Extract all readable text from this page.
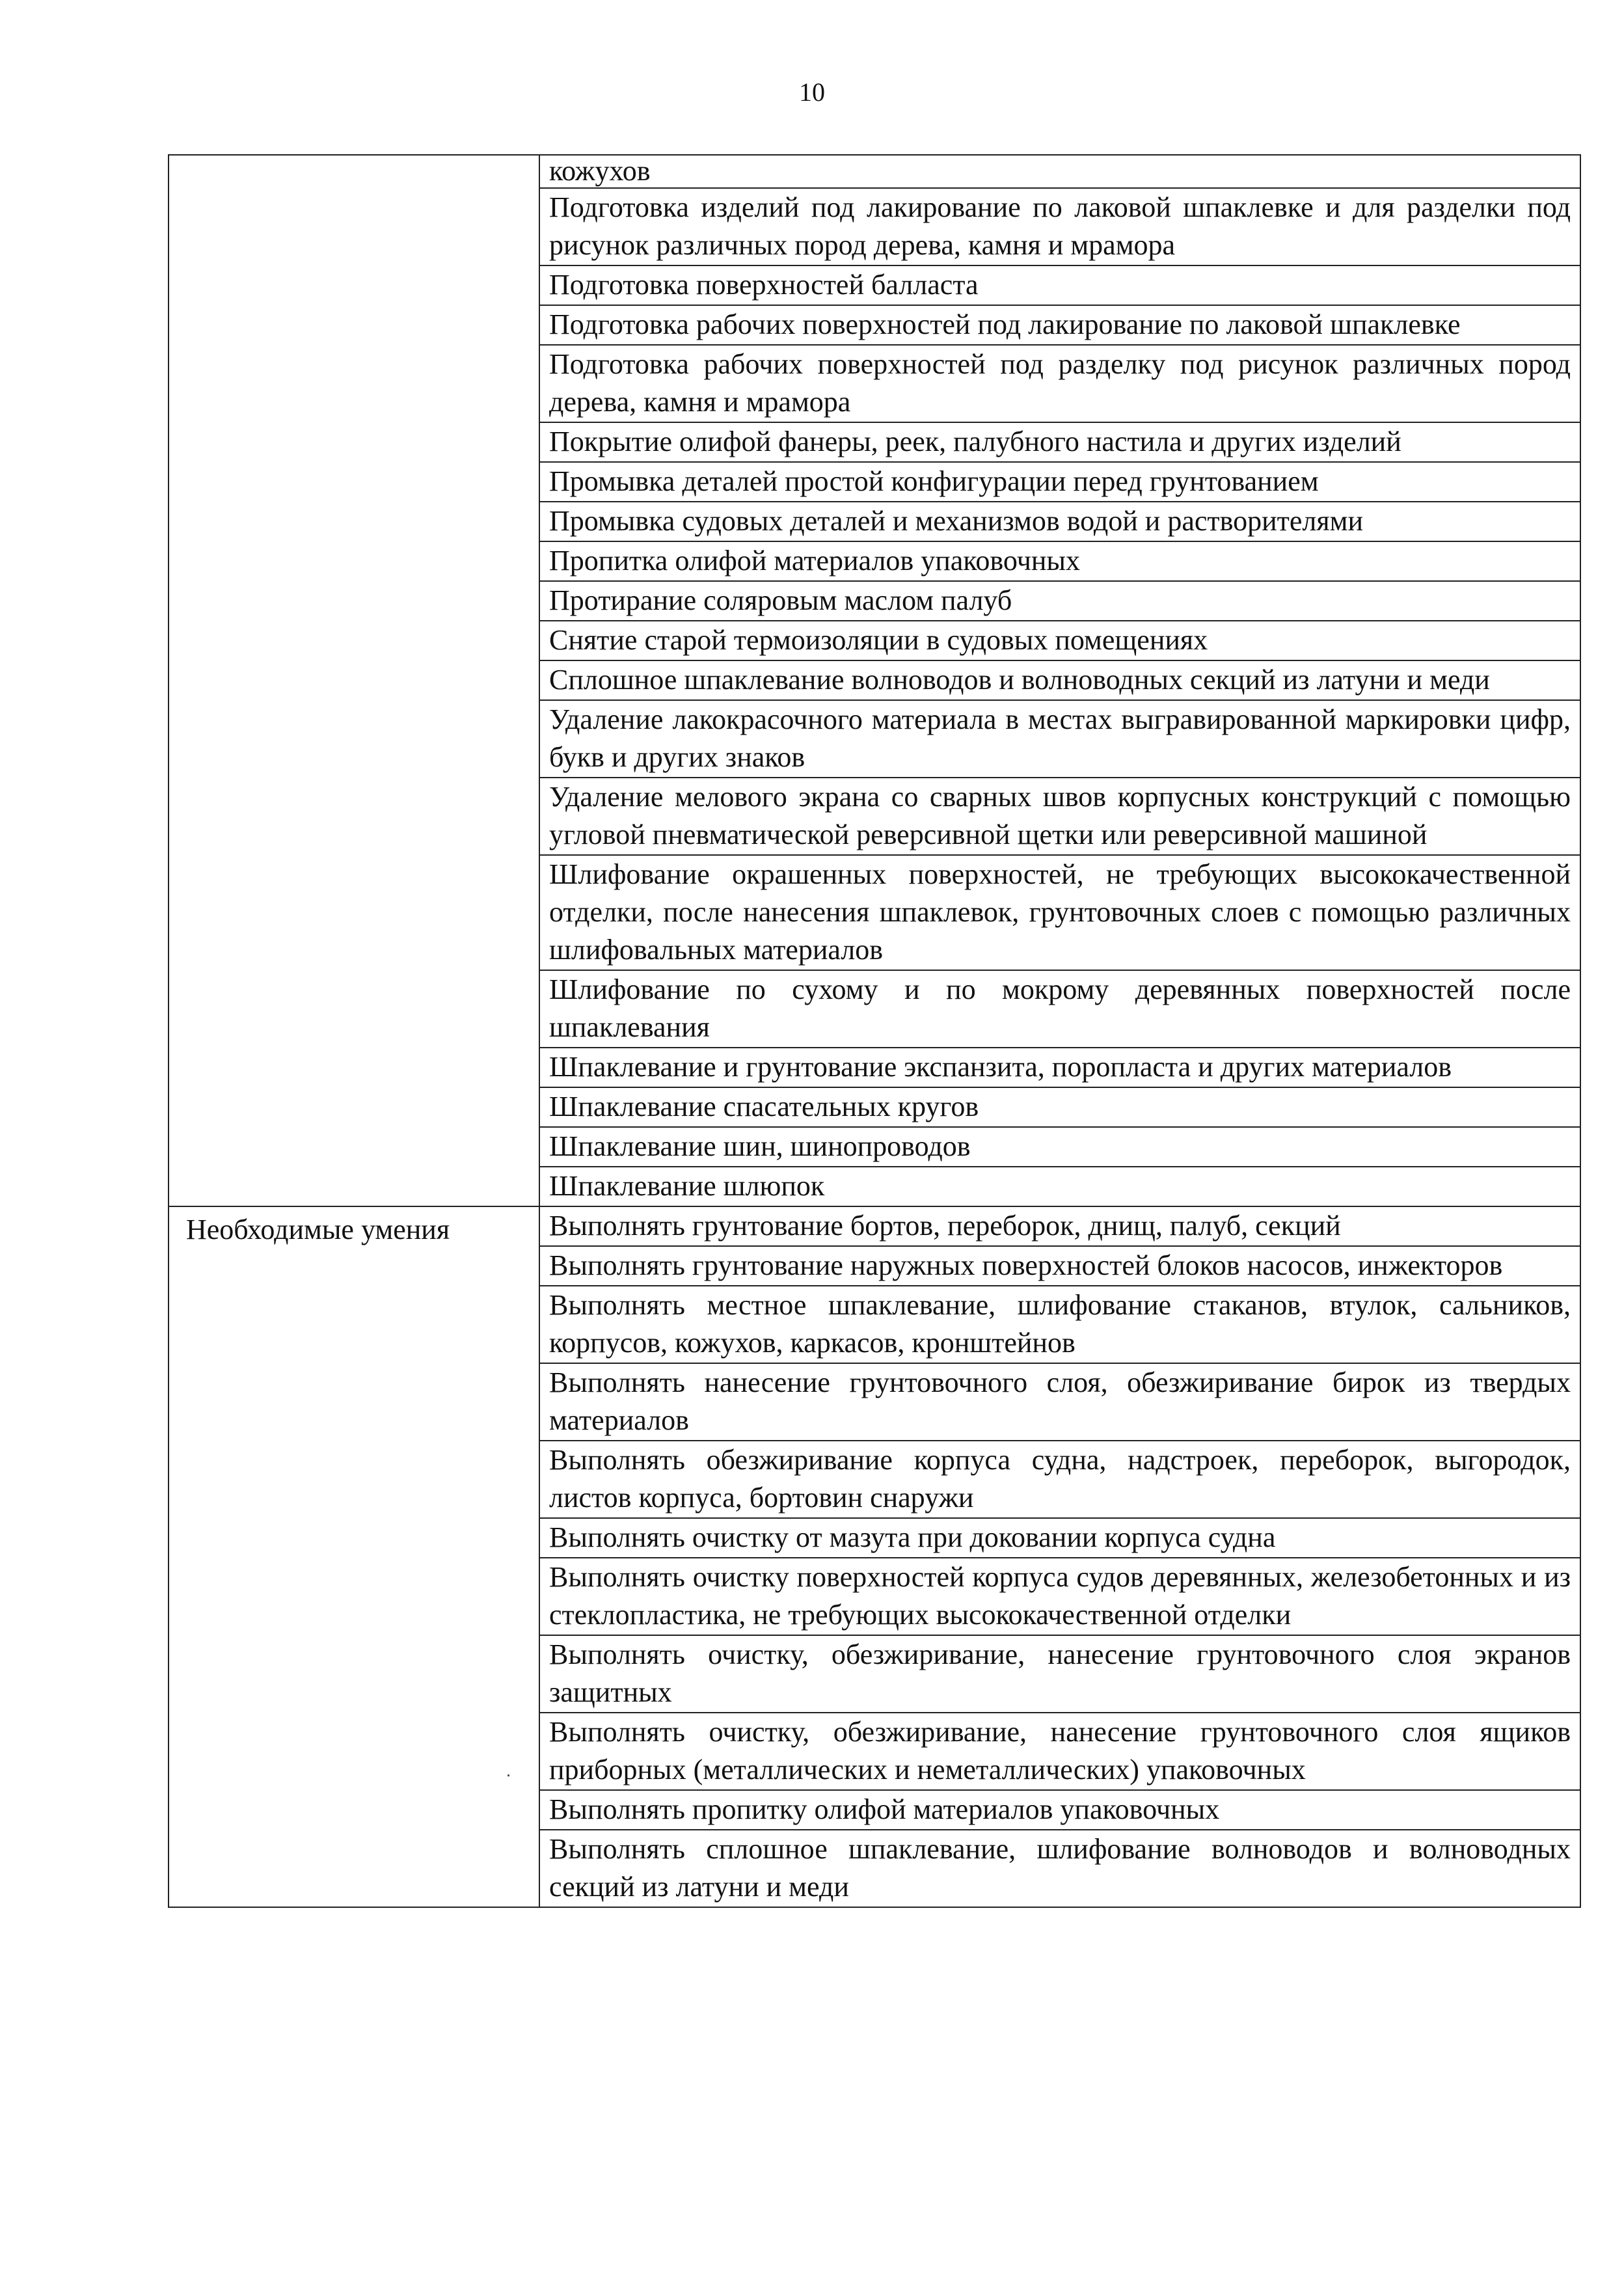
10
	кожухов
	Подготовка изделий под лакирование по лаковой шпаклевке и для разделки под рисунок различных пород дерева, камня и мрамора
	Подготовка поверхностей балласта
	Подготовка рабочих поверхностей под лакирование по лаковой шпаклевке
	Подготовка рабочих поверхностей под разделку под рисунок различных пород дерева, камня и мрамора
	Покрытие олифой фанеры, реек, палубного настила и других изделий
	Промывка деталей простой конфигурации перед грунтованием
	Промывка судовых деталей и механизмов водой и растворителями
	Пропитка олифой материалов упаковочных
	Протирание соляровым маслом палуб
	Снятие старой термоизоляции в судовых помещениях
	Сплошное шпаклевание волноводов и волноводных секций из латуни и меди
	Удаление лакокрасочного материала в местах выгравированной маркировки цифр, букв и других знаков
	Удаление мелового экрана со сварных швов корпусных конструкций с помощью угловой пневматической реверсивной щетки или реверсивной машиной
	Шлифование окрашенных поверхностей, не требующих высококачественной отделки, после нанесения шпаклевок, грунтовочных слоев с помощью различных шлифовальных материалов
	Шлифование по сухому и по мокрому деревянных поверхностей после шпаклевания
	Шпаклевание и грунтование экспанзита, поропласта и других материалов
	Шпаклевание спасательных кругов
	Шпаклевание шин, шинопроводов
	Шпаклевание шлюпок
Необходимые умения	Выполнять грунтование бортов, переборок, днищ, палуб, секций
	Выполнять грунтование наружных поверхностей блоков насосов, инжекторов
	Выполнять местное шпаклевание, шлифование стаканов, втулок, сальников, корпусов, кожухов, каркасов, кронштейнов
	Выполнять нанесение грунтовочного слоя, обезжиривание бирок из твердых материалов
	Выполнять обезжиривание корпуса судна, надстроек, переборок, выгородок, листов корпуса, бортовин снаружи
	Выполнять очистку от мазута при доковании корпуса судна
	Выполнять очистку поверхностей корпуса судов деревянных, железобетонных и из стеклопластика, не требующих высококачественной отделки
	Выполнять очистку, обезжиривание, нанесение грунтовочного слоя экранов защитных
	Выполнять очистку, обезжиривание, нанесение грунтовочного слоя ящиков приборных (металлических и неметаллических) упаковочных
	Выполнять пропитку олифой материалов упаковочных
	Выполнять сплошное шпаклевание, шлифование волноводов и волноводных секций из латуни и меди
